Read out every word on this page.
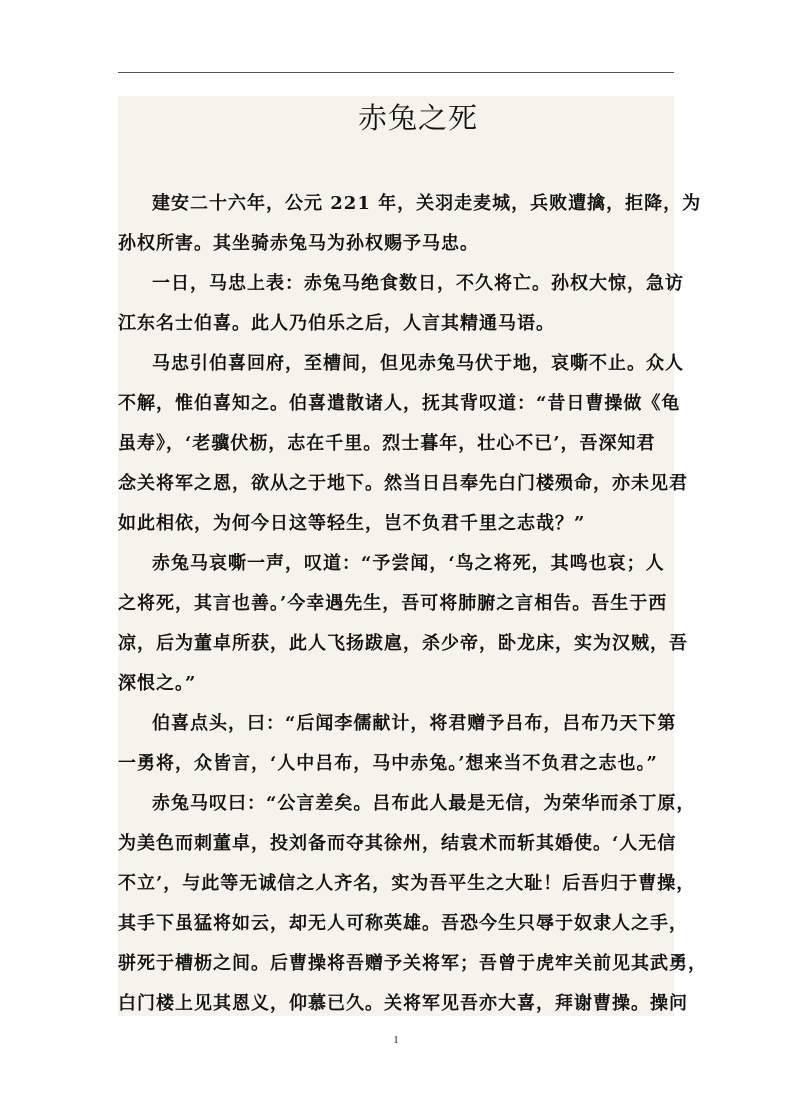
赤兔之死
建安二十六年，公元 221 年，关羽走麦城，兵败遭擒，拒降，为
孙权所害。其坐骑赤兔马为孙权赐予马忠。
一日，马忠上表：赤兔马绝食数日，不久将亡。孙权大惊，急访
江东名士伯喜。此人乃伯乐之后，人言其精通马语。
马忠引伯喜回府，至槽间，但见赤兔马伏于地，哀嘶不止。众人
不解，惟伯喜知之。伯喜遣散诸人，抚其背叹道：“昔日曹操做《龟
虽寿》，‘老骥伏枥，志在千里。烈士暮年，壮心不已’，吾深知君
念关将军之恩，欲从之于地下。然当日吕奉先白门楼殒命，亦未见君
如此相依，为何今日这等轻生，岂不负君千里之志哉？”
赤兔马哀嘶一声，叹道：“予尝闻，‘鸟之将死，其鸣也哀；人
之将死，其言也善。’今幸遇先生，吾可将肺腑之言相告。吾生于西
凉，后为董卓所获，此人飞扬跋扈，杀少帝，卧龙床，实为汉贼，吾
深恨之。”
伯喜点头，曰：“后闻李儒献计，将君赠予吕布，吕布乃天下第
一勇将，众皆言，‘人中吕布，马中赤兔。’想来当不负君之志也。”
赤兔马叹曰：“公言差矣。吕布此人最是无信，为荣华而杀丁原，
为美色而刺董卓，投刘备而夺其徐州，结袁术而斩其婚使。‘人无信
不立’，与此等无诚信之人齐名，实为吾平生之大耻！后吾归于曹操，
其手下虽猛将如云，却无人可称英雄。吾恐今生只辱于奴隶人之手，
骈死于槽枥之间。后曹操将吾赠予关将军；吾曾于虎牢关前见其武勇，
白门楼上见其恩义，仰慕已久。关将军见吾亦大喜，拜谢曹操。操问
1
